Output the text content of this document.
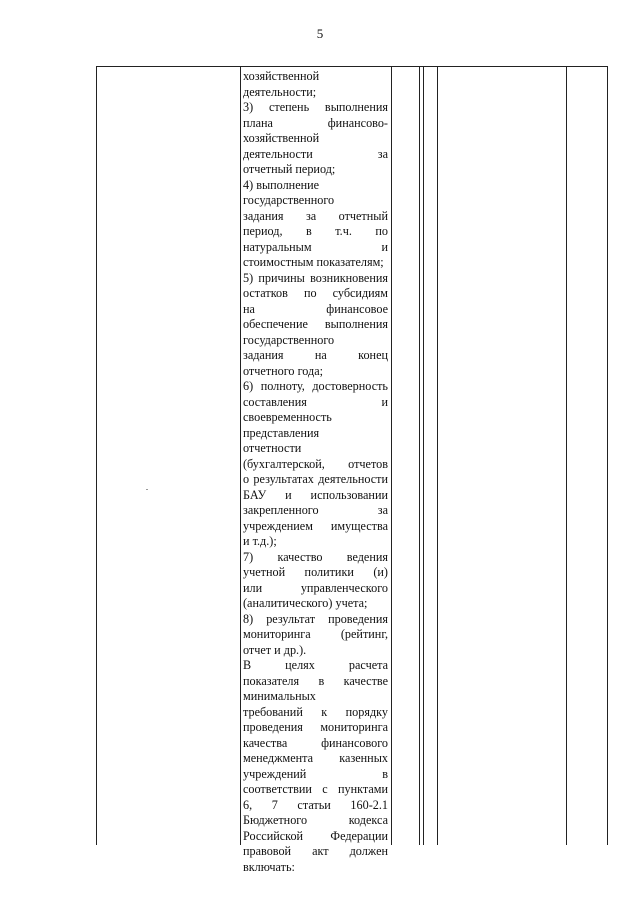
5
хозяйственной
деятельности;
3) степень выполнения
плана финансово-
хозяйственной
деятельности за
отчетный период;
4) выполнение
государственного
задания за отчетный
период, в т.ч. по
натуральным и
стоимостным показателям;
5) причины возникновения
остатков по субсидиям
на финансовое
обеспечение выполнения
государственного
задания на конец
отчетного года;
6) полноту, достоверность
составления и
своевременность
представления
отчетности
(бухгалтерской, отчетов
о результатах деятельности
БАУ и использовании
закрепленного за
учреждением имущества
и т.д.);
7) качество ведения
учетной политики (и)
или управленческого
(аналитического) учета;
8) результат проведения
мониторинга (рейтинг,
отчет и др.).
В целях расчета
показателя в качестве
минимальных
требований к порядку
проведения мониторинга
качества финансового
менеджмента казенных
учреждений в
соответствии с пунктами
6, 7 статьи 160-2.1
Бюджетного кодекса
Российской Федерации
правовой акт должен
включать:
